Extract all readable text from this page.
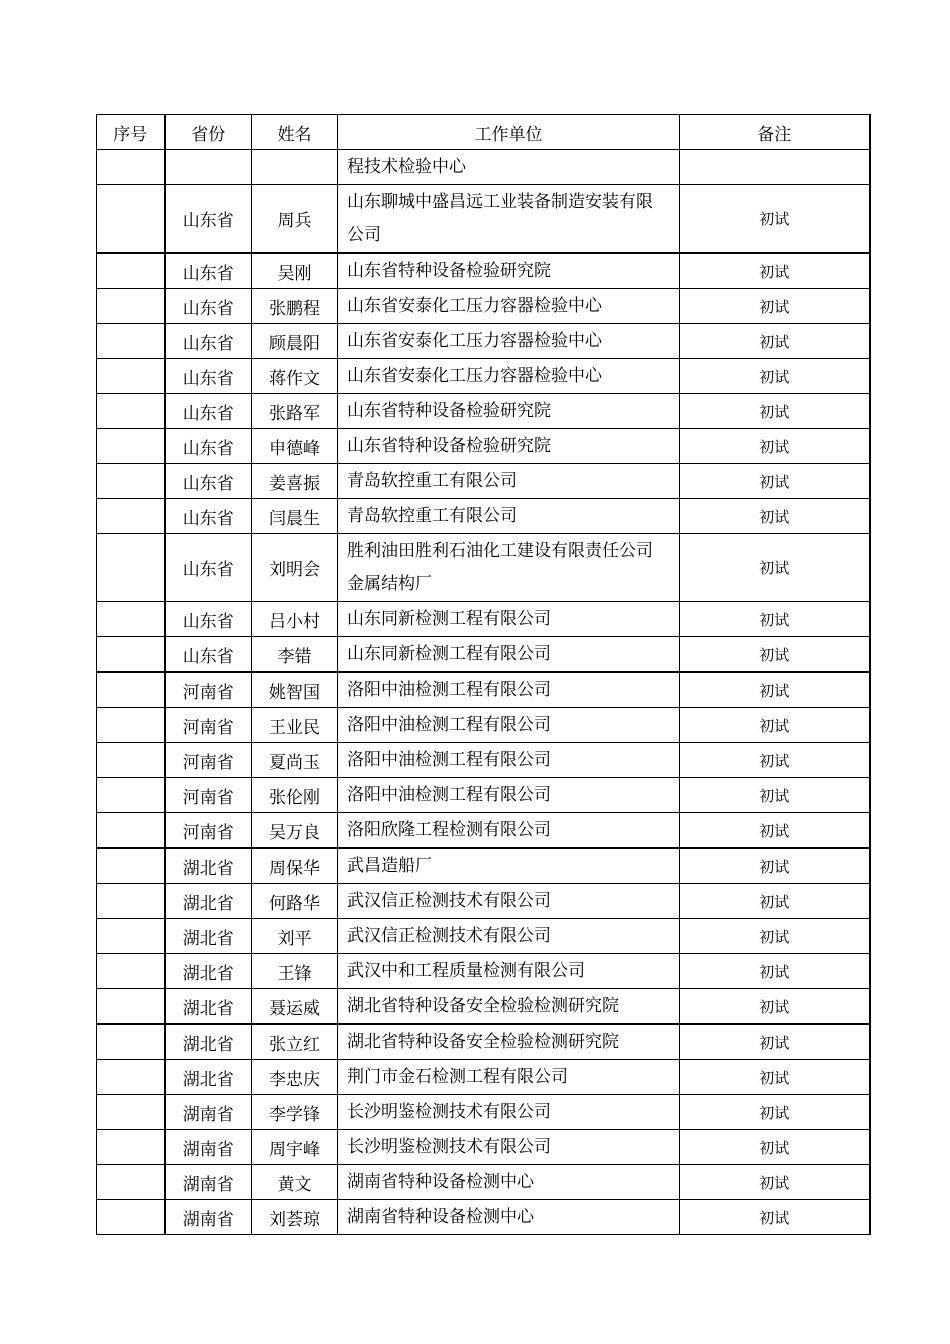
序号	省份	姓名	工作单位	备注
			程技术检验中心	
	山东省	周兵	山东聊城中盛昌远工业装备制造安装有限公司	初试
	山东省	吴刚	山东省特种设备检验研究院	初试
	山东省	张鹏程	山东省安泰化工压力容器检验中心	初试
	山东省	顾晨阳	山东省安泰化工压力容器检验中心	初试
	山东省	蒋作文	山东省安泰化工压力容器检验中心	初试
	山东省	张路军	山东省特种设备检验研究院	初试
	山东省	申德峰	山东省特种设备检验研究院	初试
	山东省	姜喜振	青岛软控重工有限公司	初试
	山东省	闫晨生	青岛软控重工有限公司	初试
	山东省	刘明会	胜利油田胜利石油化工建设有限责任公司金属结构厂	初试
	山东省	吕小村	山东同新检测工程有限公司	初试
	山东省	李错	山东同新检测工程有限公司	初试
	河南省	姚智国	洛阳中油检测工程有限公司	初试
	河南省	王业民	洛阳中油检测工程有限公司	初试
	河南省	夏尚玉	洛阳中油检测工程有限公司	初试
	河南省	张伦刚	洛阳中油检测工程有限公司	初试
	河南省	吴万良	洛阳欣隆工程检测有限公司	初试
	湖北省	周保华	武昌造船厂	初试
	湖北省	何路华	武汉信正检测技术有限公司	初试
	湖北省	刘平	武汉信正检测技术有限公司	初试
	湖北省	王锋	武汉中和工程质量检测有限公司	初试
	湖北省	聂运威	湖北省特种设备安全检验检测研究院	初试
	湖北省	张立红	湖北省特种设备安全检验检测研究院	初试
	湖北省	李忠庆	荆门市金石检测工程有限公司	初试
	湖南省	李学锋	长沙明鉴检测技术有限公司	初试
	湖南省	周宇峰	长沙明鉴检测技术有限公司	初试
	湖南省	黄文	湖南省特种设备检测中心	初试
	湖南省	刘荟琼	湖南省特种设备检测中心	初试
